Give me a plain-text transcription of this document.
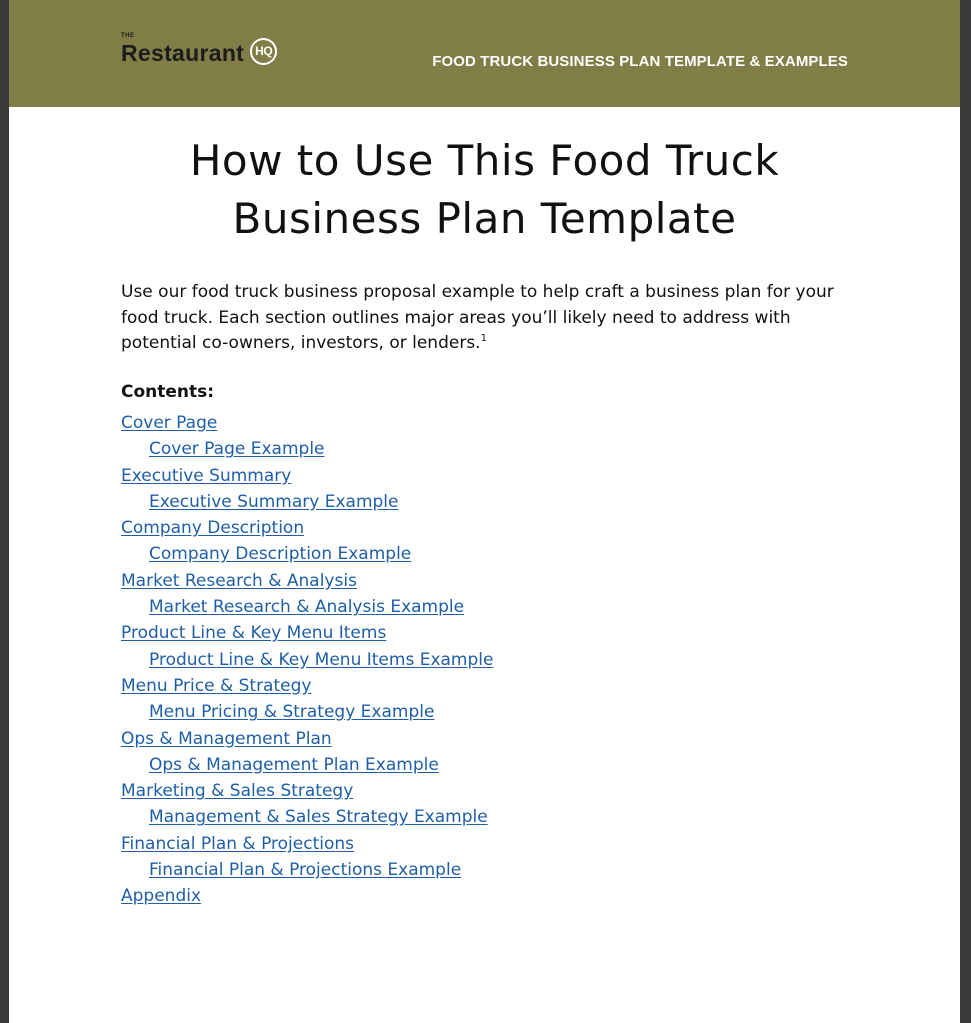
THE
Restaurant HQ
FOOD TRUCK BUSINESS PLAN TEMPLATE & EXAMPLES
How to Use This Food Truck Business Plan Template

Use our food truck business proposal example to help craft a business plan for your food truck. Each section outlines major areas you’ll likely need to address with potential co-owners, investors, or lenders.$^1$

Contents:
Cover Page
Cover Page Example
Executive Summary
Executive Summary Example
Company Description
Company Description Example
Market Research & Analysis
Market Research & Analysis Example
Product Line & Key Menu Items
Product Line & Key Menu Items Example
Menu Price & Strategy
Menu Pricing & Strategy Example
Ops & Management Plan
Ops & Management Plan Example
Marketing & Sales Strategy
Management & Sales Strategy Example
Financial Plan & Projections
Financial Plan & Projections Example
Appendix
